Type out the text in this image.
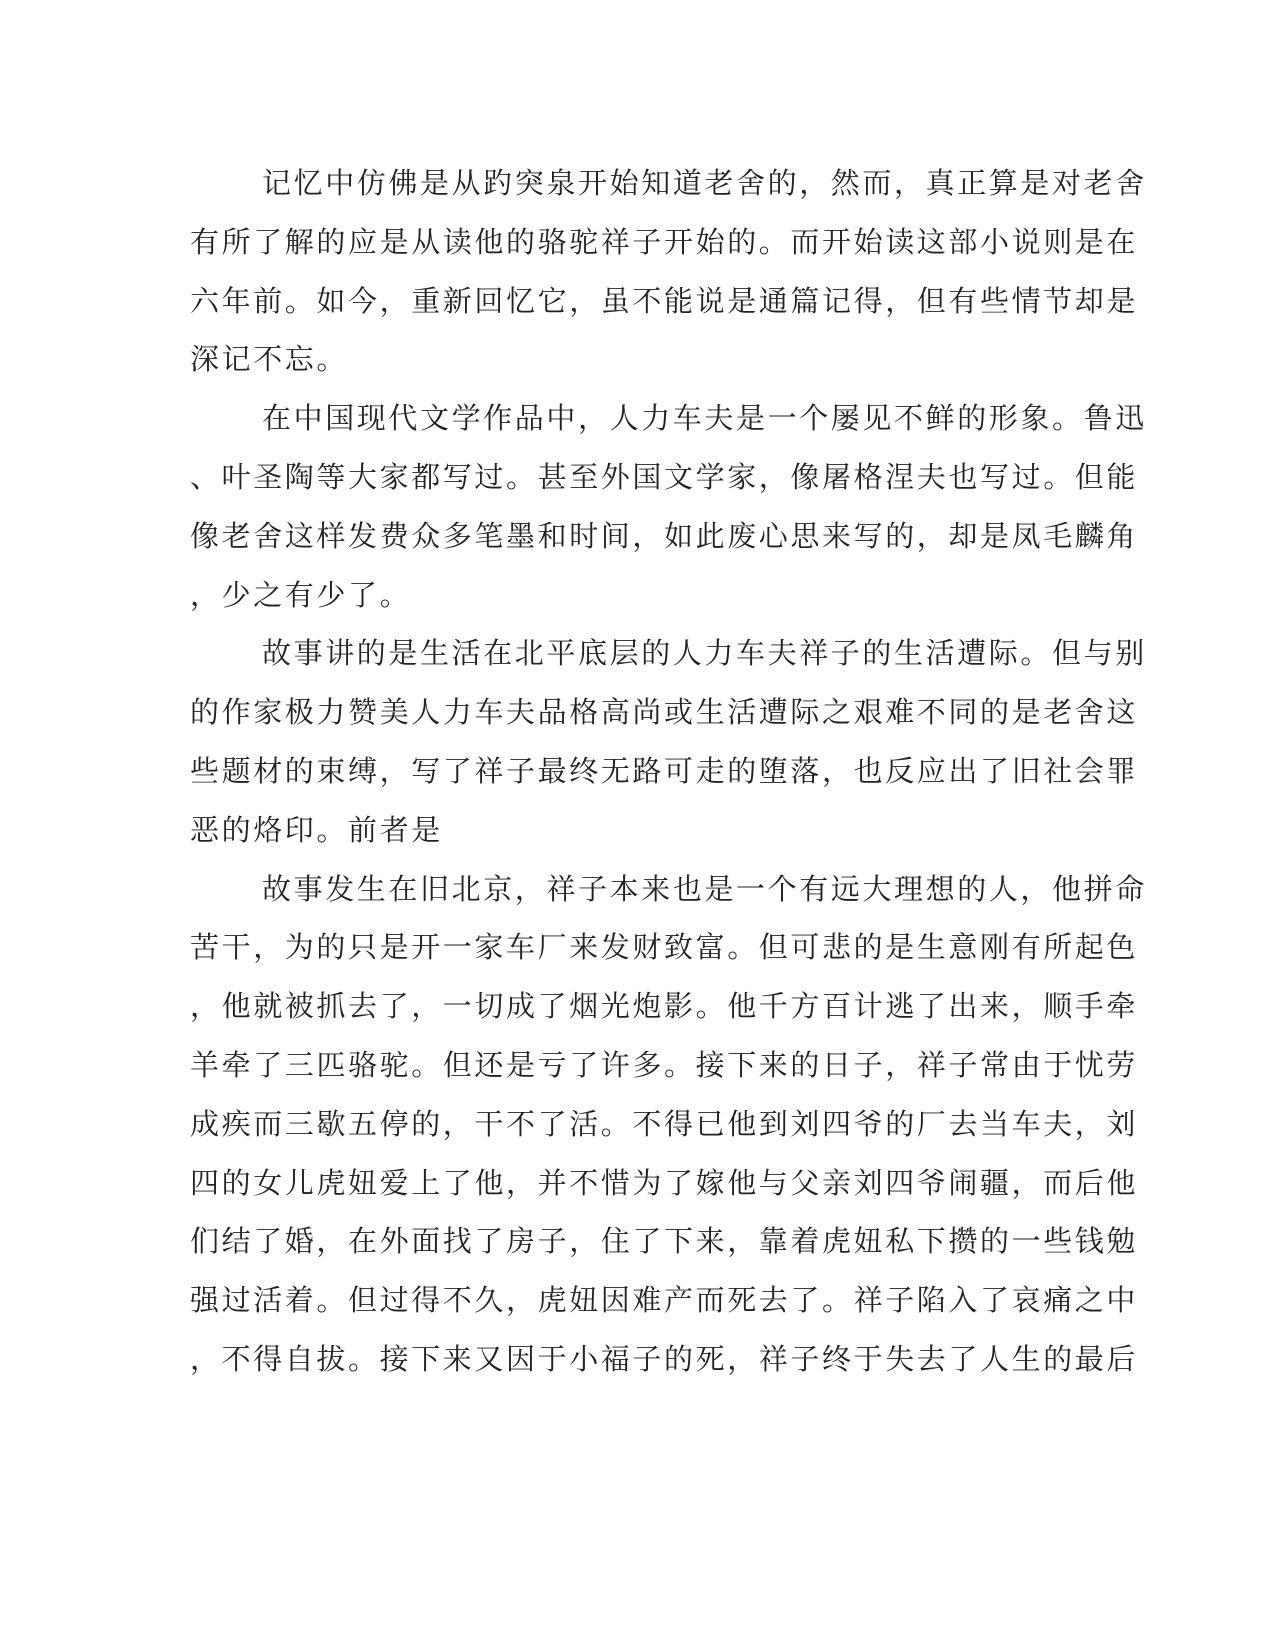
记忆中仿佛是从趵突泉开始知道老舍的，然而，真正算是对老舍
有所了解的应是从读他的骆驼祥子开始的。而开始读这部小说则是在
六年前。如今，重新回忆它，虽不能说是通篇记得，但有些情节却是
深记不忘。
在中国现代文学作品中，人力车夫是一个屡见不鲜的形象。鲁迅
、叶圣陶等大家都写过。甚至外国文学家，像屠格涅夫也写过。但能
像老舍这样发费众多笔墨和时间，如此废心思来写的，却是凤毛麟角
，少之有少了。
故事讲的是生活在北平底层的人力车夫祥子的生活遭际。但与别
的作家极力赞美人力车夫品格高尚或生活遭际之艰难不同的是老舍这
些题材的束缚，写了祥子最终无路可走的堕落，也反应出了旧社会罪
恶的烙印。前者是
故事发生在旧北京，祥子本来也是一个有远大理想的人，他拼命
苦干，为的只是开一家车厂来发财致富。但可悲的是生意刚有所起色
，他就被抓去了，一切成了烟光炮影。他千方百计逃了出来，顺手牵
羊牵了三匹骆驼。但还是亏了许多。接下来的日子，祥子常由于忧劳
成疾而三歇五停的，干不了活。不得已他到刘四爷的厂去当车夫，刘
四的女儿虎妞爱上了他，并不惜为了嫁他与父亲刘四爷闹疆，而后他
们结了婚，在外面找了房子，住了下来，靠着虎妞私下攒的一些钱勉
强过活着。但过得不久，虎妞因难产而死去了。祥子陷入了哀痛之中
，不得自拔。接下来又因于小福子的死，祥子终于失去了人生的最后
